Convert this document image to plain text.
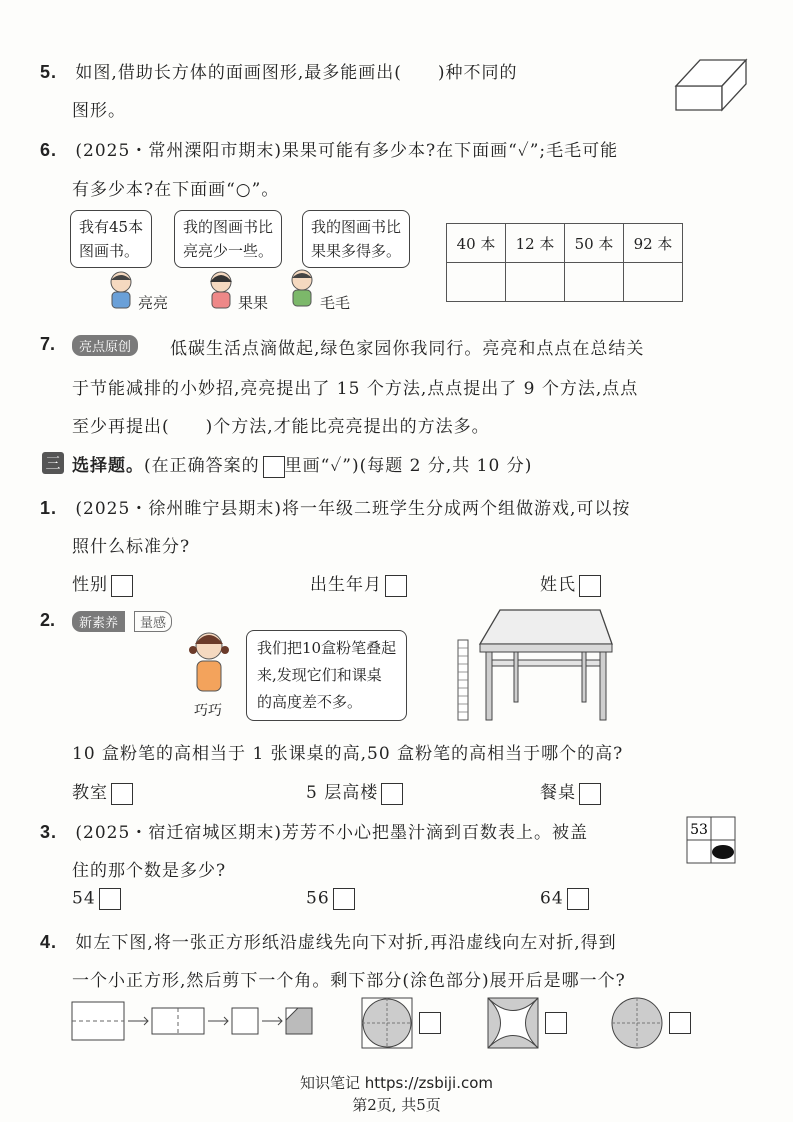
5. 如图,借助长方体的面画图形,最多能画出(　　)种不同的
图形。
6. (2025・常州溧阳市期末)果果可能有多少本?在下面画“✓”;毛毛可能
有多少本?在下面画“○”。
我有45本
图画书。
我的图画书比
亮亮少一些。
我的图画书比
果果多得多。
亮亮	果果	毛毛
40 本	12 本	50 本	92 本

7.	亮点原创	低碳生活点滴做起,绿色家园你我同行。亮亮和点点在总结关
于节能减排的小妙招,亮亮提出了 15 个方法,点点提出了 9 个方法,点点
至少再提出(　　)个方法,才能比亮亮提出的方法多。
三 选择题。(在正确答案的 里画“✓”)(每题 2 分,共 10 分)
1. (2025・徐州睢宁县期末)将一年级二班学生分成两个组做游戏,可以按
照什么标准分?
性别	出生年月	姓氏
2.	新素养	量感
巧巧
我们把10盒粉笔叠起
来,发现它们和课桌
的高度差不多。
10 盒粉笔的高相当于 1 张课桌的高,50 盒粉笔的高相当于哪个的高?
教室	5 层高楼	餐桌
3. (2025・宿迁宿城区期末)芳芳不小心把墨汁滴到百数表上。被盖
住的那个数是多少?
53
54	56	64
4. 如左下图,将一张正方形纸沿虚线先向下对折,再沿虚线向左对折,得到
一个小正方形,然后剪下一个角。剩下部分(涂色部分)展开后是哪一个?
知识笔记 https://zsbiji.com
第2页, 共5页
